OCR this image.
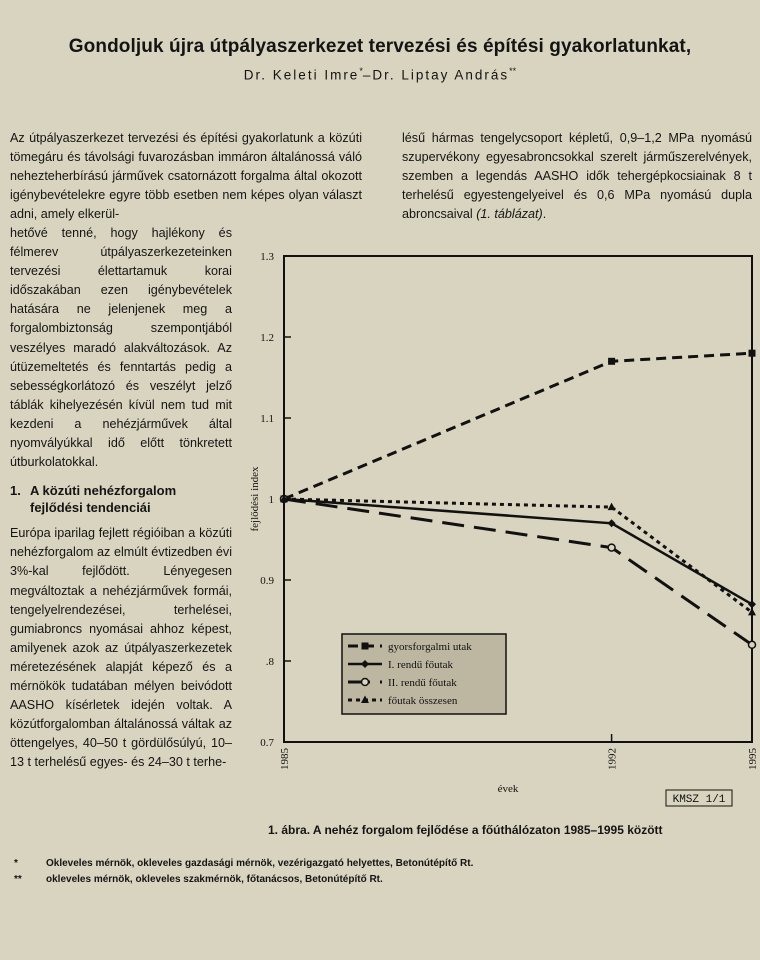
Gondoljuk újra útpályaszerkezet tervezési és építési gyakorlatunkat,
Dr. Keleti Imre*–Dr. Liptay András**

Az útpályaszerkezet tervezési és építési gyakorlatunk a közúti tömegáru és távolsági fuvarozásban immáron általánossá váló nehezteherbírású járművek csatornázott forgalma által okozott igénybevételekre egyre több esetben nem képes olyan választ adni, amely elkerül-

hetővé tenné, hogy hajlékony és félmerev útpályaszerkezeteinken tervezési élettartamuk korai időszakában ezen igénybevételek hatására ne jelenjenek meg a forgalombiztonság szempontjából veszélyes maradó alakváltozások. Az útüzemeltetés és fenntartás pedig a sebességkorlátozó és veszélyt jelző táblák kihelyezésén kívül nem tud mit kezdeni a nehézjárművek által nyomvályúkkal idő előtt tönkretett útburkolatokkal.

1. A közúti nehézforgalom
fejlődési tendenciái

Európa iparilag fejlett régióiban a közúti nehézforgalom az elmúlt évtizedben évi 3%-kal fejlődött. Lényegesen megváltoztak a nehézjárművek formái, tengelyelrendezései, terhelései, gumiabroncs nyomásai ahhoz képest, amilyenek azok az útpályaszerkezetek méretezésének alapját képező és a mérnökök tudatában mélyen beivódott AASHO kísérletek idején voltak. A közútforgalomban általánossá váltak az öttengelyes, 40–50 t gördülősúlyú, 10–13 t terhelésű egyes- és 24–30 t terhe-

lésű hármas tengelycsoport képletű, 0,9–1,2 MPa nyomású szupervékony egyesabroncsokkal szerelt járműszerelvények, szemben a legendás AASHO idők tehergépkocsiainak 8 t terhelésű egyestengelyeivel és 0,6 MPa nyomású dupla abroncsaival (1. táblázat).

0.7
.8
0.9
1
1.1
1.2
1.3
1985	1992	1995
évek
fejlődési index
gyorsforgalmi utak
I. rendű főutak
II. rendű főutak
főutak összesen
KMSZ 1/1
1. ábra. A nehéz forgalom fejlődése a főúthálózaton 1985–1995 között
*	Okleveles mérnök, okleveles gazdasági mérnök, vezérigazgató helyettes, Betonútépítő Rt.
**	okleveles mérnök, okleveles szakmérnök, főtanácsos, Betonútépítő Rt.
